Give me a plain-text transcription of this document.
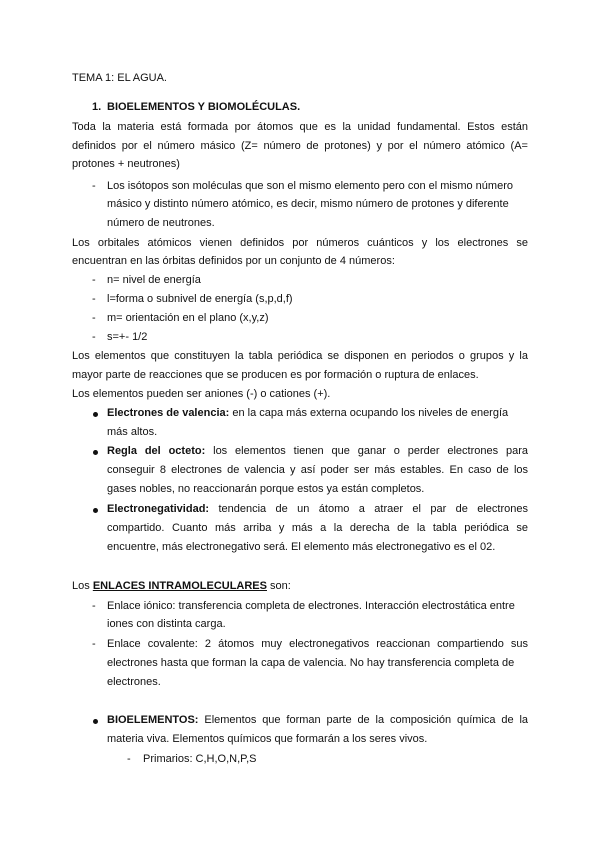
TEMA 1: EL AGUA.
1. BIOELEMENTOS Y BIOMOLÉCULAS.
Toda la materia está formada por átomos que es la unidad fundamental. Estos están
definidos por el número másico (Z= número de protones) y por el número atómico (A=
protones + neutrones)
- Los isótopos son moléculas que son el mismo elemento pero con el mismo número
másico y distinto número atómico, es decir, mismo número de protones y diferente
número de neutrones.
Los orbitales atómicos vienen definidos por números cuánticos y los electrones se
encuentran en las órbitas definidos por un conjunto de 4 números:
- n= nivel de energía
- l=forma o subnivel de energía (s,p,d,f)
- m= orientación en el plano (x,y,z)
- s=+- 1/2
Los elementos que constituyen la tabla periódica se disponen en periodos o grupos y la
mayor parte de reacciones que se producen es por formación o ruptura de enlaces.
Los elementos pueden ser aniones (-) o cationes (+).
Electrones de valencia: en la capa más externa ocupando los niveles de energía
más altos.
Regla del octeto: los elementos tienen que ganar o perder electrones para
conseguir 8 electrones de valencia y así poder ser más estables. En caso de los
gases nobles, no reaccionarán porque estos ya están completos.
Electronegatividad: tendencia de un átomo a atraer el par de electrones
compartido. Cuanto más arriba y más a la derecha de la tabla periódica se
encuentre, más electronegativo será. El elemento más electronegativo es el 02.
Los ENLACES INTRAMOLECULARES son:
- Enlace iónico: transferencia completa de electrones. Interacción electrostática entre
iones con distinta carga.
- Enlace covalente: 2 átomos muy electronegativos reaccionan compartiendo sus
electrones hasta que forman la capa de valencia. No hay transferencia completa de
electrones.
BIOELEMENTOS: Elementos que forman parte de la composición química de la
materia viva. Elementos químicos que formarán a los seres vivos.
- Primarios: C,H,O,N,P,S
